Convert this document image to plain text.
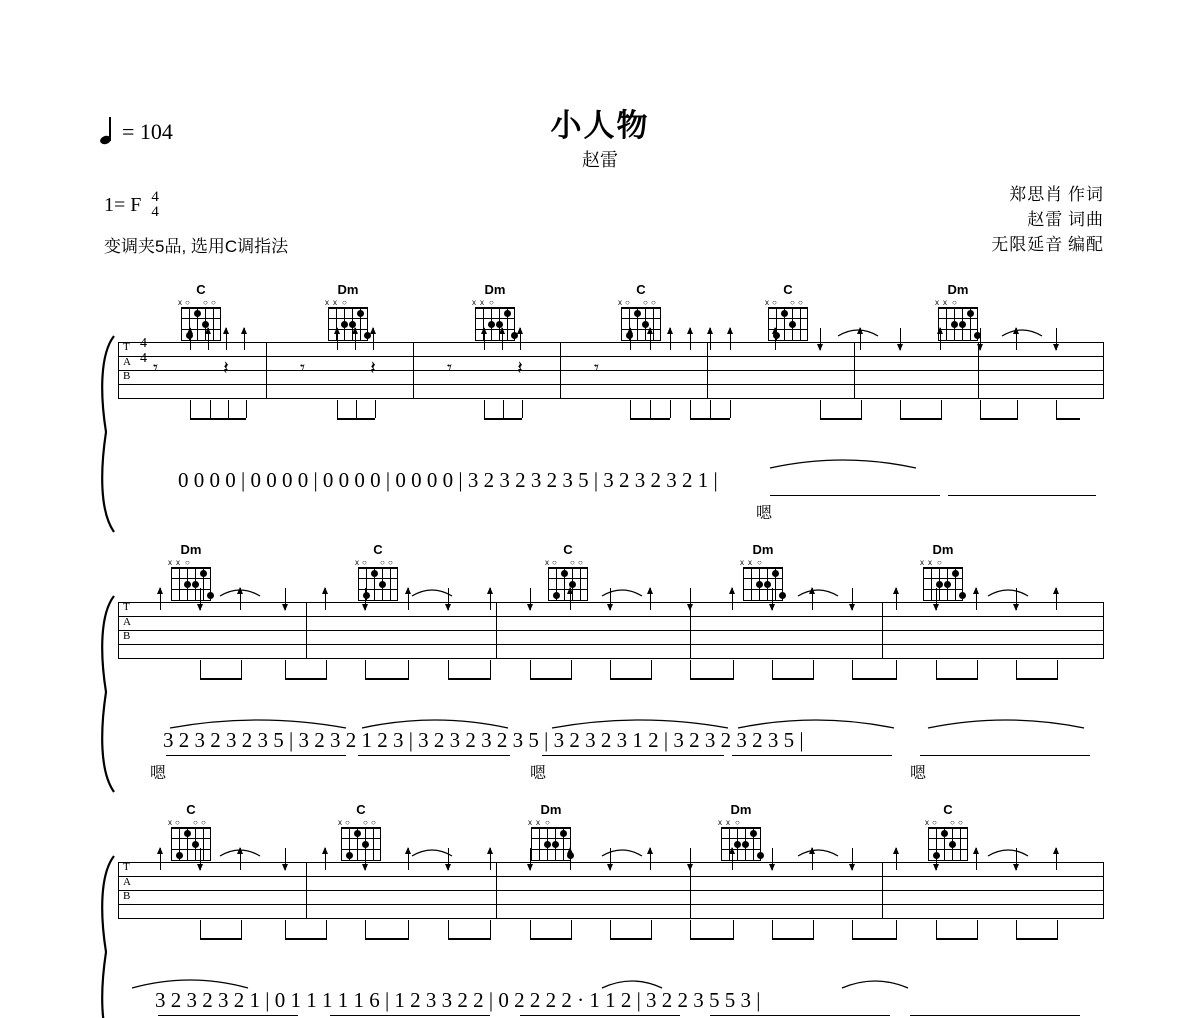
= 104	小人物
赵雷
1= F 4
4
变调夹5品, 选用C调指法
郑思肖 作词
赵雷 词曲
无限延音 编配
C
x ○ ○ ○
Dm
x x ○
Dm
x x ○
C
x ○ ○ ○
C
x ○ ○ ○
Dm
x x ○
𝄾	𝄽	𝄾	𝄽	𝄾	𝄽	𝄾
T
A
B
4
4
0 0 0 0 | 0 0 0 0 | 0 0 0 0 | 0 0 0 0 | 3 2 3 2 3 2 3 5 | 3 2 3 2 3 2 1 |
嗯
Dm
x x ○
C
x ○ ○ ○
C
x ○ ○ ○
Dm
x x ○
Dm
x x ○
T
A
B
3 2 3 2 3 2 3 5 | 3 2 3 2 1 2 3 | 3 2 3 2 3 2 3 5 | 3 2 3 2 3 1 2 | 3 2 3 2 3 2 3 5 |
嗯	嗯	嗯
C
x ○ ○ ○
C
x ○ ○ ○
Dm
x x ○
Dm
x x ○
C
x ○ ○ ○
T
A
B
3 2 3 2 3 2 1 | 0 1 1 1 1 1 6 | 1 2 3 3 2 2 | 0 2 2 2 2 · 1 1 2 | 3 2 2 3 5 5 3 |
